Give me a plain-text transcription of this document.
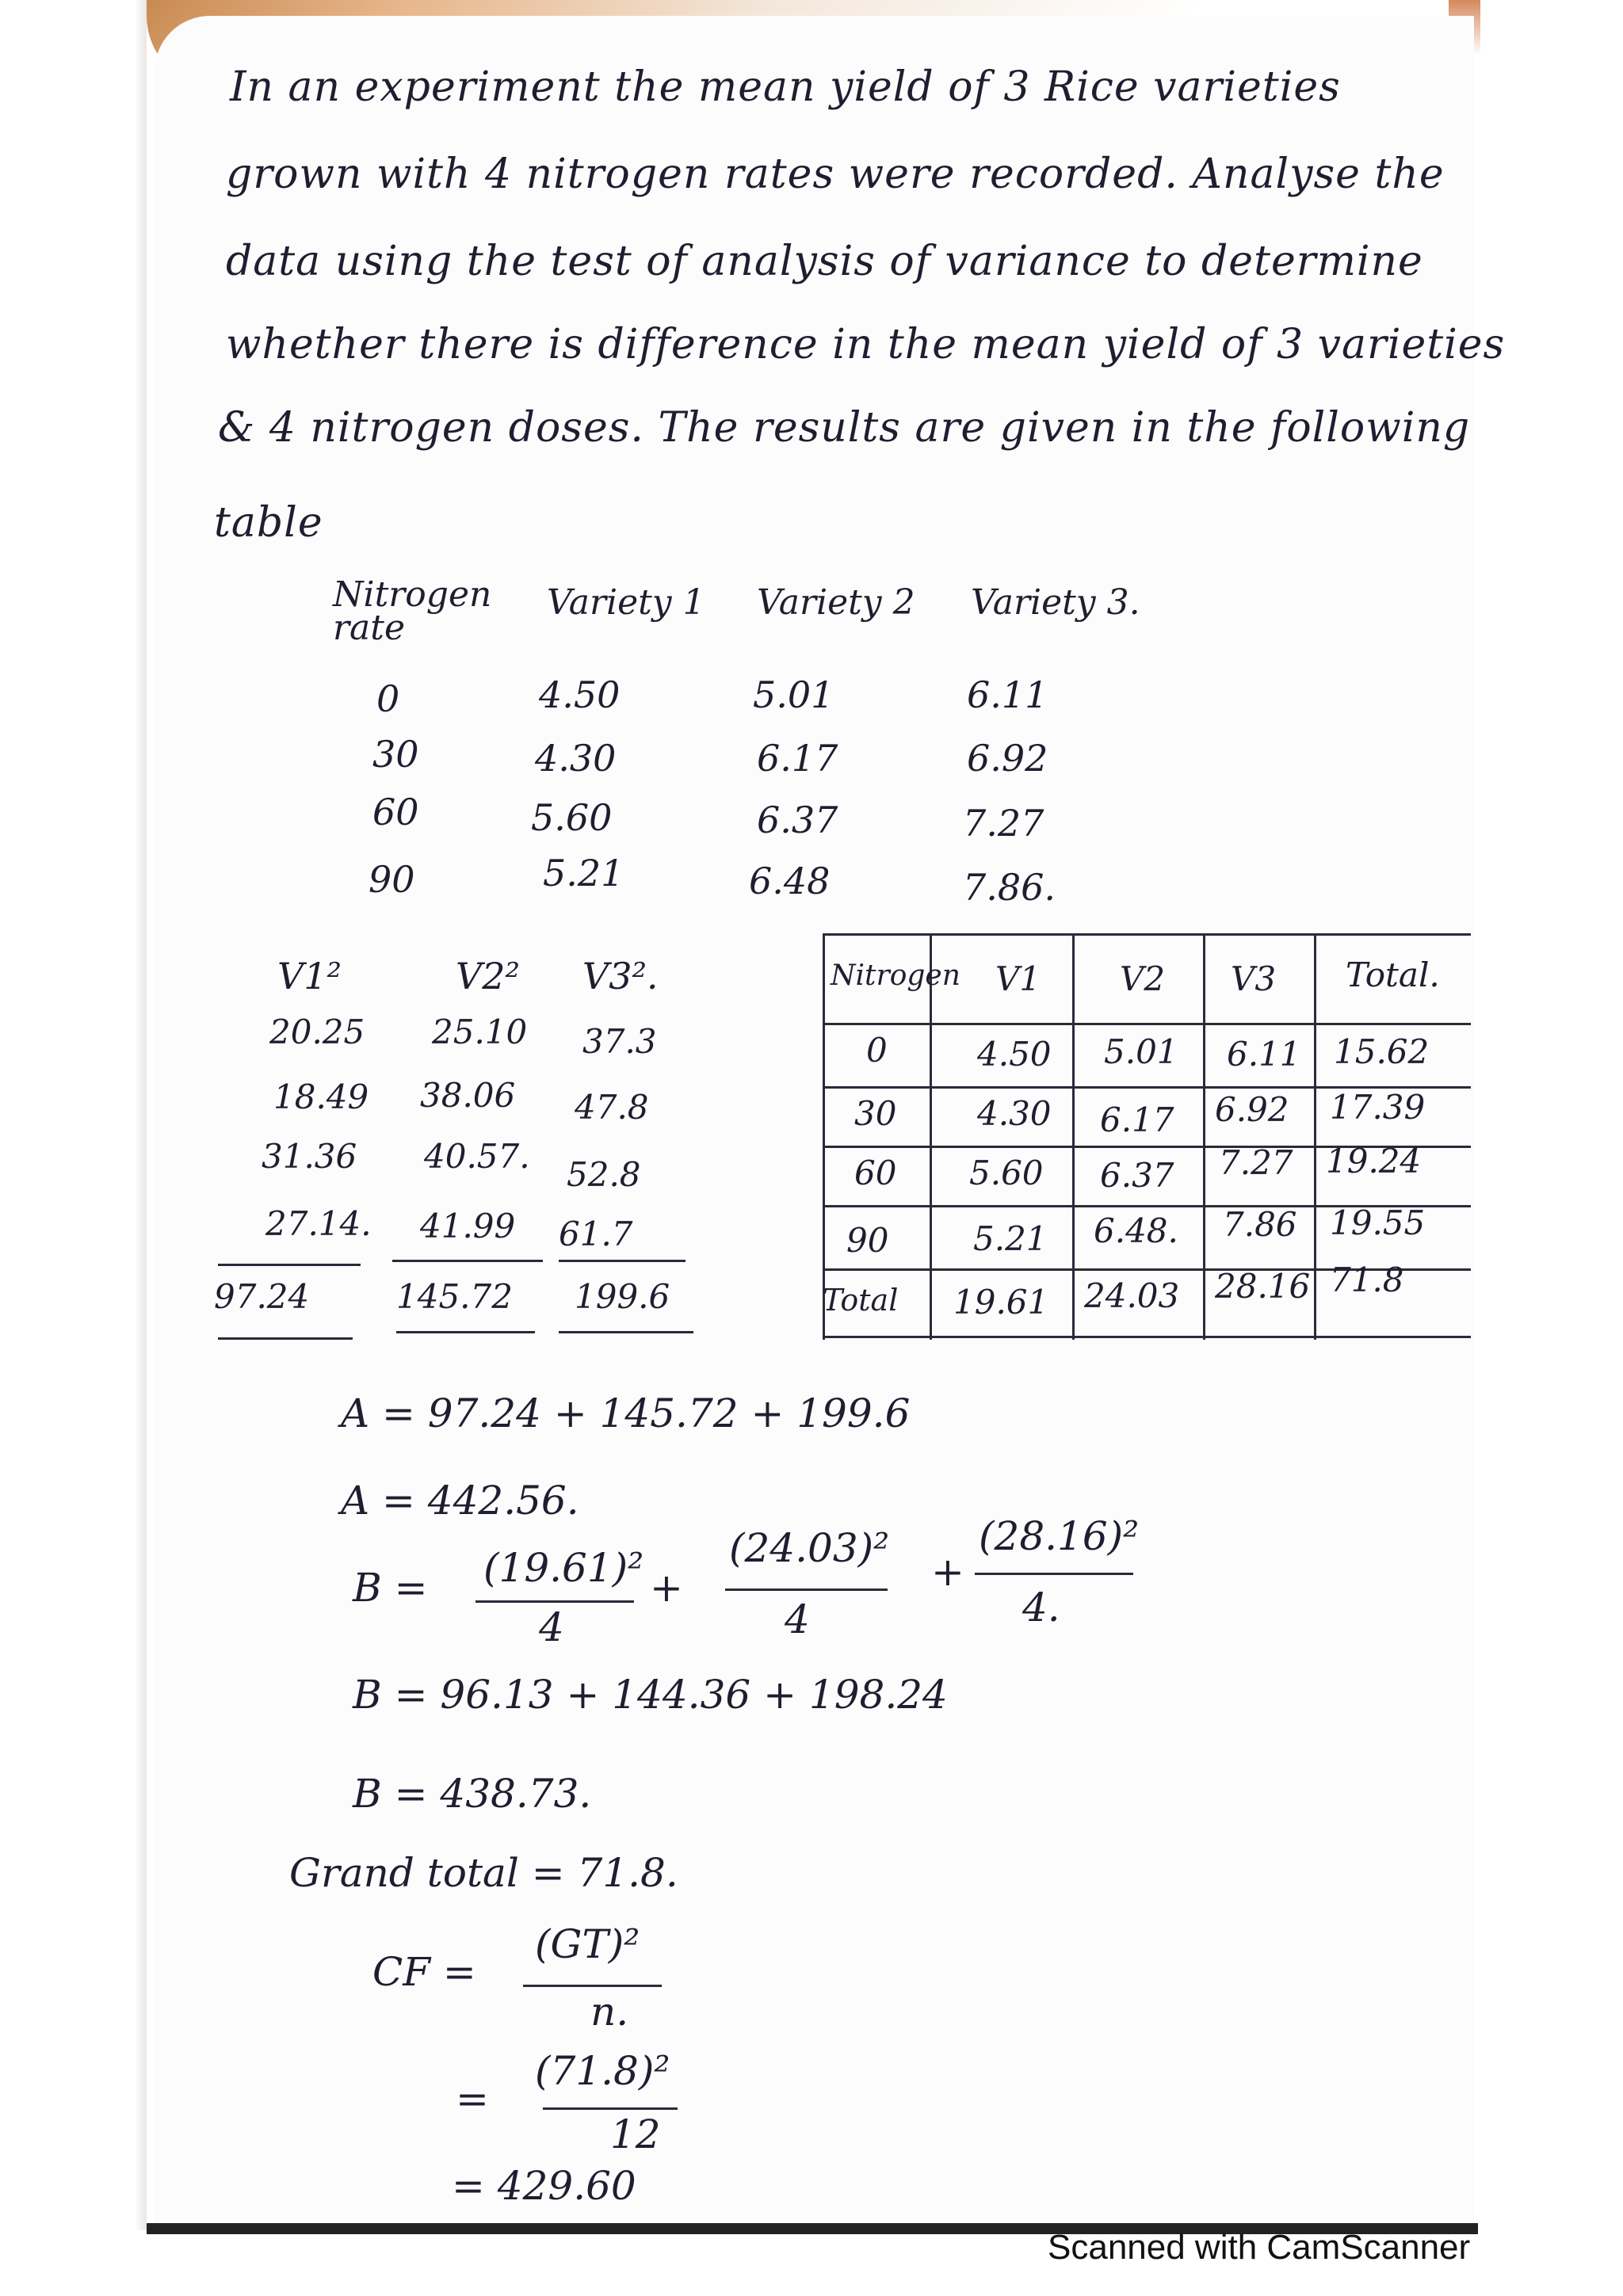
In an experiment the mean yield of 3 Rice varieties
grown with 4 nitrogen rates were recorded. Analyse the
data using the test of analysis of variance to determine
whether there is difference in the mean yield of 3 varieties
& 4 nitrogen doses. The results are given in the following
table
Nitrogen rate
Variety 1 Variety 2 Variety 3.
0	4.50	5.01	6.11
30	4.30	6.17	6.92
60	5.60	6.37	7.27
90	5.21	6.48	7.86.
V1²	V2² V3².
20.25 25.10 37.3
18.49 38.06 47.8
31.36 40.57. 52.8
27.14. 41.99 61.7
97.24	145.72 199.6
Nitrogen V1 V2 V3 Total.
0	4.50 5.01 6.11 15.62
30 4.30 6.17 6.92 17.39
60 5.60 6.37 7.27 19.24
90	5.21 6.48. 7.86 19.55
Total 19.61 24.03 28.16 71.8
A = 97.24 + 145.72 + 199.6
A = 442.56.
B = (19.61)²
4
+
(24.03)²
4
+
(28.16)²
4.
B = 96.13 + 144.36 + 198.24
B = 438.73.
Grand total = 71.8.
CF =
(GT)²
n.
=
(71.8)²
12
= 429.60
Scanned with CamScanner
